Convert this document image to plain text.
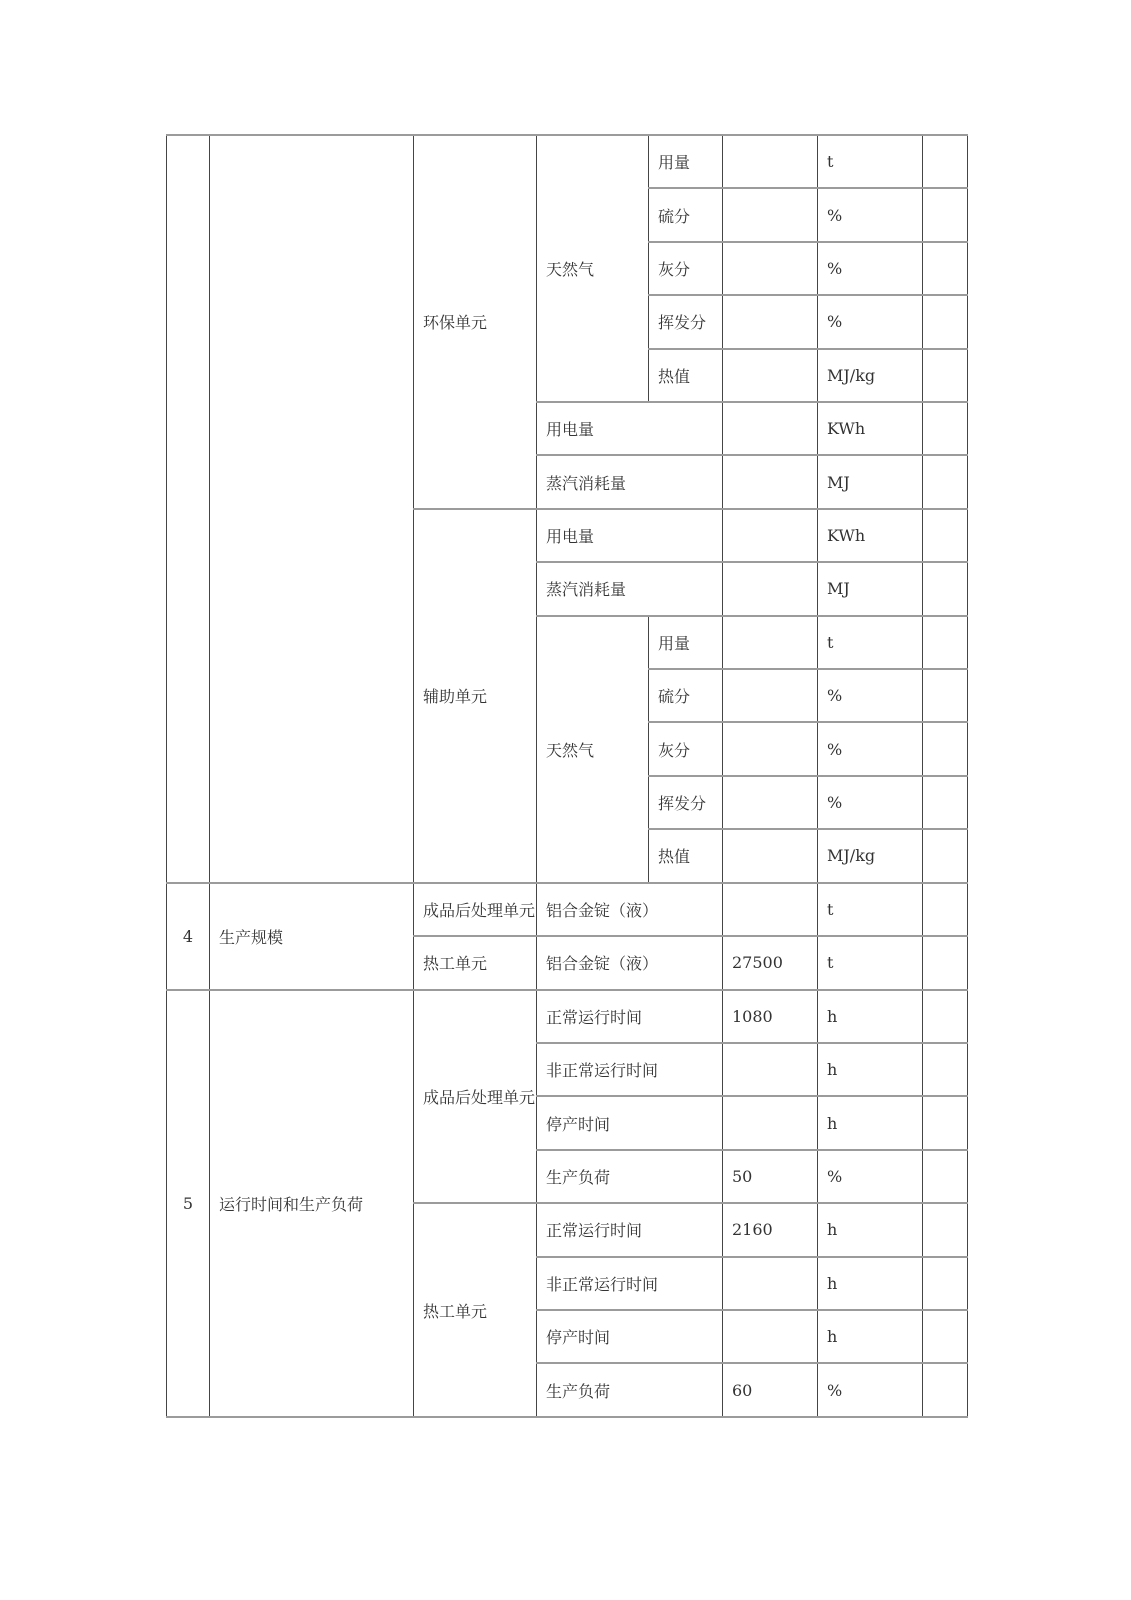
		环保单元	天然气	用量		t	
				硫分		%	
				灰分		%	
				挥发分		%	
				热值		MJ/kg	
			用电量			KWh	
			蒸汽消耗量			MJ	
		辅助单元	用电量			KWh	
			蒸汽消耗量			MJ	
			天然气	用量		t	
				硫分		%	
				灰分		%	
				挥发分		%	
				热值		MJ/kg	
4	生产规模	成品后处理单元	铝合金锭（液）			t	
		热工单元	铝合金锭（液）		27500	t	
5	运行时间和生产负荷	成品后处理单元	正常运行时间		1080	h	
			非正常运行时间			h	
			停产时间			h	
			生产负荷		50	%	
		热工单元	正常运行时间		2160	h	
			非正常运行时间			h	
			停产时间			h	
			生产负荷		60	%	
